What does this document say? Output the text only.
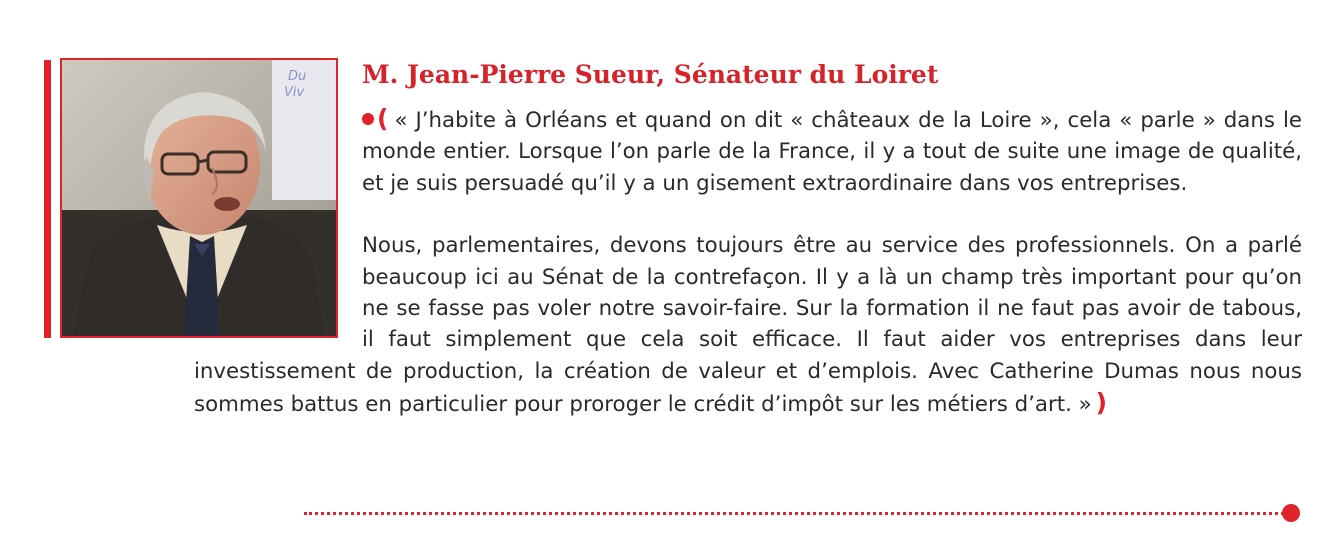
Du
Viv
M. Jean-Pierre Sueur, Sénateur du Loiret

( « J’habite à Orléans et quand on dit « châteaux de la Loire », cela « parle » dans le monde entier. Lorsque l’on parle de la France, il y a tout de suite une image de qualité, et je suis persuadé qu’il y a un gisement extraordinaire dans vos entreprises.

Nous, parlementaires, devons toujours être au service des professionnels. On a parlé beaucoup ici au Sénat de la contrefaçon. Il y a là un champ très important pour qu’on ne se fasse pas voler notre savoir-faire. Sur la formation il ne faut pas avoir de tabous, il faut simplement que cela soit efficace. Il faut aider vos entreprises dans leur investissement de production, la création de valeur et d’emplois. Avec Catherine Dumas nous nous sommes battus en particulier pour proroger le crédit d’impôt sur les métiers d’art. » )
